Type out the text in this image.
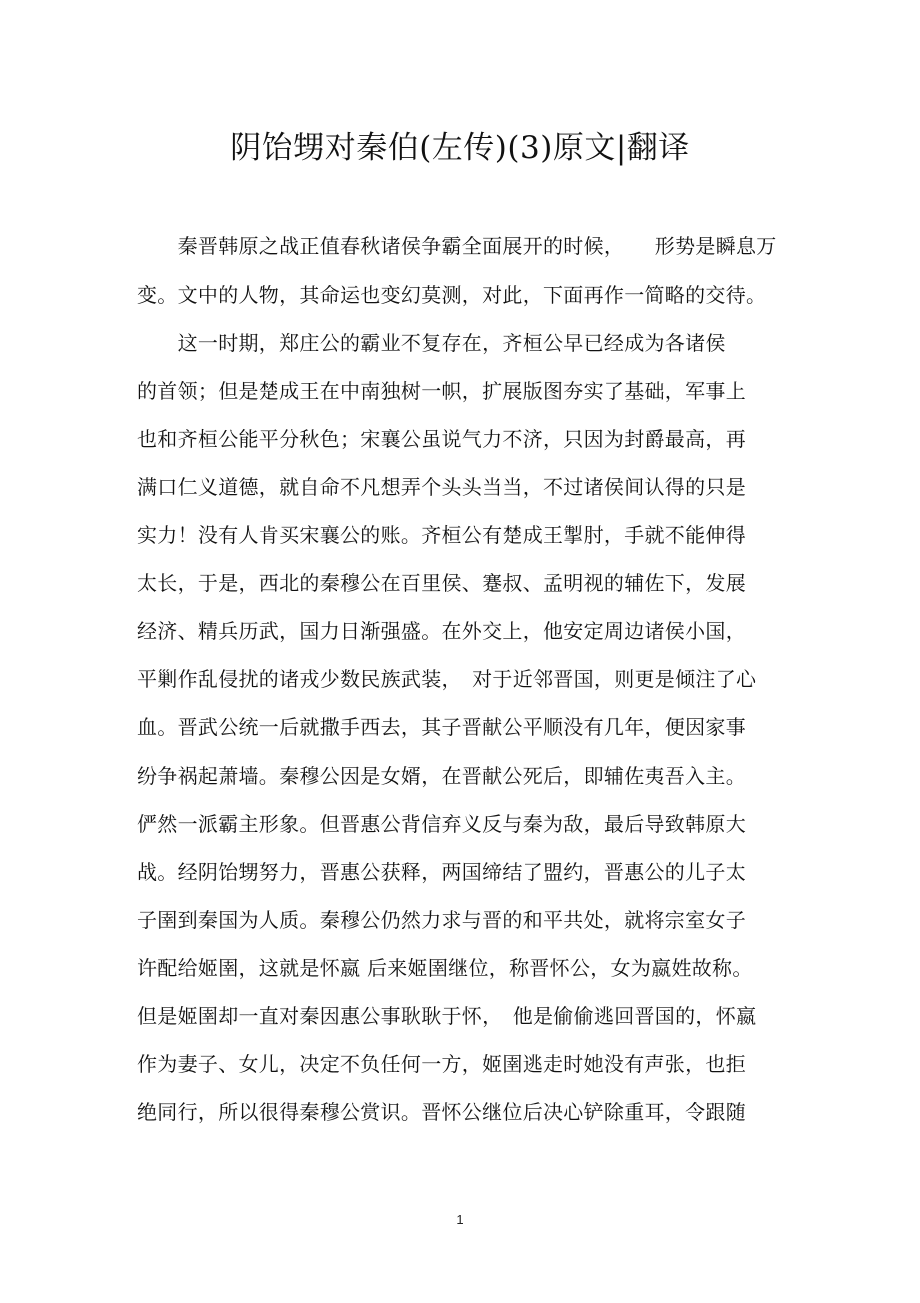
阴饴甥对秦伯(左传)(3)原文|翻译
　　秦晋韩原之战正值春秋诸侯争霸全面展开的时候，　　形势是瞬息万
变。文中的人物，其命运也变幻莫测，对此，下面再作一简略的交待。
　　这一时期，郑庄公的霸业不复存在，齐桓公早已经成为各诸侯
的首领；但是楚成王在中南独树一帜，扩展版图夯实了基础，军事上
也和齐桓公能平分秋色；宋襄公虽说气力不济，只因为封爵最高，再
满口仁义道德，就自命不凡想弄个头头当当，不过诸侯间认得的只是
实力！没有人肯买宋襄公的账。齐桓公有楚成王掣肘，手就不能伸得
太长，于是，西北的秦穆公在百里侯、蹇叔、孟明视的辅佐下，发展
经济、精兵历武，国力日渐强盛。在外交上，他安定周边诸侯小国，
平剿作乱侵扰的诸戎少数民族武装，　对于近邻晋国，则更是倾注了心
血。晋武公统一后就撒手西去，其子晋献公平顺没有几年，便因家事
纷争祸起萧墙。秦穆公因是女婿，在晋献公死后，即辅佐夷吾入主。
俨然一派霸主形象。但晋惠公背信弃义反与秦为敌，最后导致韩原大
战。经阴饴甥努力，晋惠公获释，两国缔结了盟约，晋惠公的儿子太
子圉到秦国为人质。秦穆公仍然力求与晋的和平共处，就将宗室女子
许配给姬圉，这就是怀嬴 后来姬圉继位，称晋怀公，女为嬴姓故称。
但是姬圉却一直对秦因惠公事耿耿于怀，　他是偷偷逃回晋国的，怀嬴
作为妻子、女儿，决定不负任何一方，姬圉逃走时她没有声张，也拒
绝同行，所以很得秦穆公赏识。晋怀公继位后决心铲除重耳，令跟随
1
